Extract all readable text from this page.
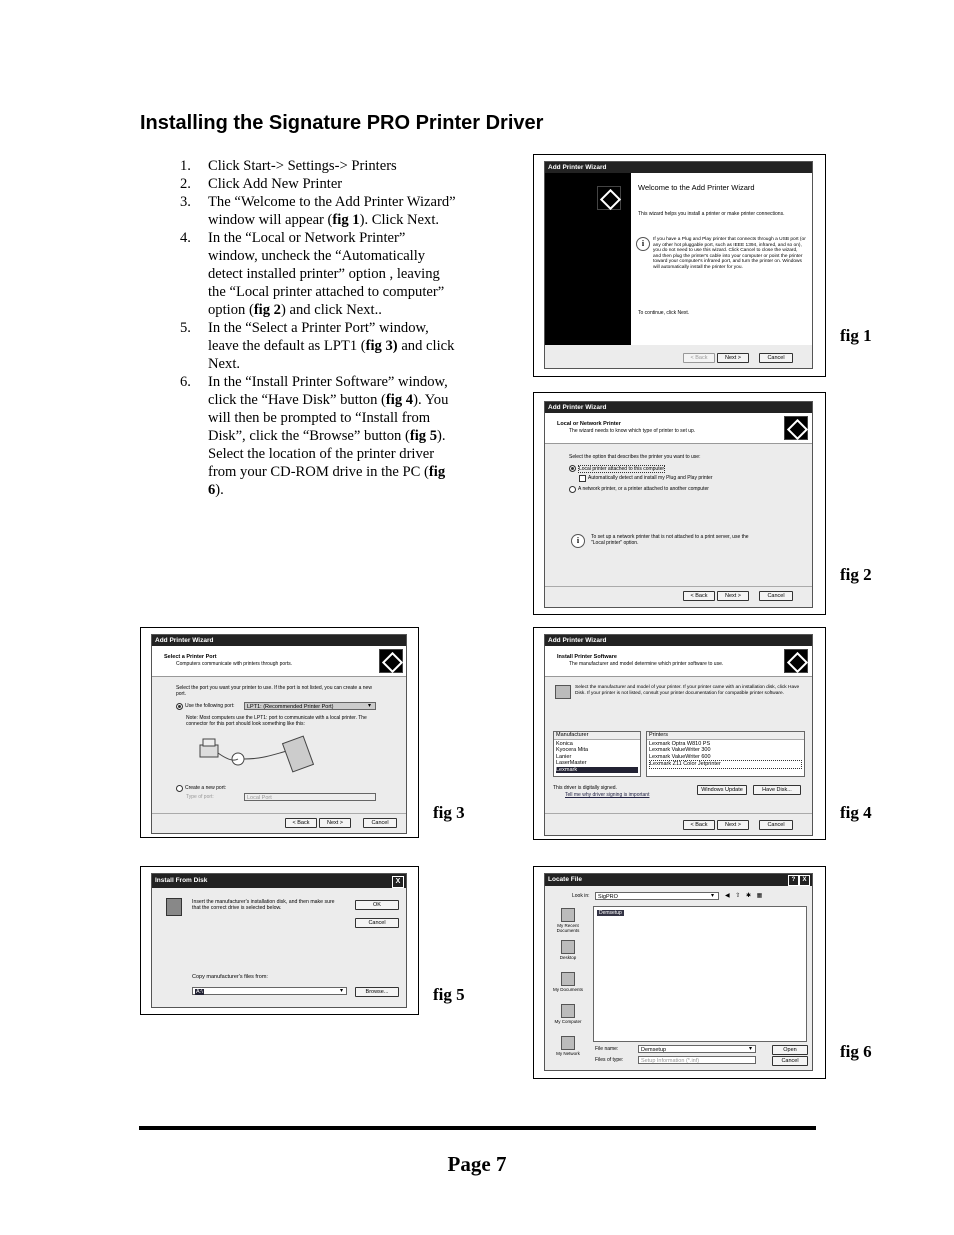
Installing the Signature PRO Printer Driver
1. Click Start-> Settings-> Printers
2. Click Add New Printer
3. The “Welcome to the Add Printer Wizard” window will appear (fig 1). Click Next.
4. In the “Local or Network Printer” window, uncheck the “Automatically detect installed printer” option , leaving the “Local printer attached to computer” option (fig 2) and click Next..
5. In the “Select a Printer Port” window, leave the default as LPT1 (fig 3) and click Next.
6. In the “Install Printer Software” window, click the “Have Disk” button (fig 4). You will then be prompted to “Install from Disk”, click the “Browse” button (fig 5). Select the location of the printer driver from your CD-ROM drive in the PC (fig 6).
Add Printer Wizard
Welcome to the Add Printer Wizard
This wizard helps you install a printer or make printer connections.
i	If you have a Plug and Play printer that connects through a USB port (or any other hot pluggable port, such as IEEE 1394, infrared, and so on), you do not need to use this wizard. Click Cancel to close the wizard, and then plug the printer's cable into your computer or point the printer toward your computer's infrared port, and turn the printer on. Windows will automatically install the printer for you.
To continue, click Next.
< Back	Next >	Cancel
fig 1
Add Printer Wizard
Local or Network Printer
The wizard needs to know which type of printer to set up.
Select the option that describes the printer you want to use:
Local printer attached to this computer
Automatically detect and install my Plug and Play printer
A network printer, or a printer attached to another computer
i	To set up a network printer that is not attached to a print server, use the "Local printer" option.
< Back	Next >	Cancel
fig 2
Add Printer Wizard
Select a Printer Port
Computers communicate with printers through ports.
Select the port you want your printer to use. If the port is not listed, you can create a new port.
Use the following port:	LPT1: (Recommended Printer Port)	▾
Note: Most computers use the LPT1: port to communicate with a local printer. The connector for this port should look something like this:
Create a new port:
Type of port:	Local Port
< Back	Next >	Cancel
fig 3
Add Printer Wizard
Install Printer Software
The manufacturer and model determine which printer software to use.
Select the manufacturer and model of your printer. If your printer came with an installation disk, click Have Disk. If your printer is not listed, consult your printer documentation for compatible printer software.
Manufacturer
Konica
Kyocera Mita
Lanier
LaserMaster
Lexmark
Printers
Lexmark Optra W810 PS
Lexmark ValueWriter 300
Lexmark ValueWriter 600
Lexmark Z11 Color Jetprinter
This driver is digitally signed.
Tell me why driver signing is important
Windows Update	Have Disk...
< Back	Next >	Cancel
fig 4
Install From Disk	X
Insert the manufacturer's installation disk, and then make sure that the correct drive is selected below.
OK
Cancel
Copy manufacturer's files from:
A:\	▾	Browse...	fig 5
Locate File	?	X
Look in:	SigPRO	▾ ◀ ⇧ ✱ ▦
My Recent Documents
Desktop
My Documents
My Computer
My Network
Demsetup
File name:	Demsetup	▾
Files of type:	Setup Information (*.inf)
Open
Cancel	fig 6
Page 7
